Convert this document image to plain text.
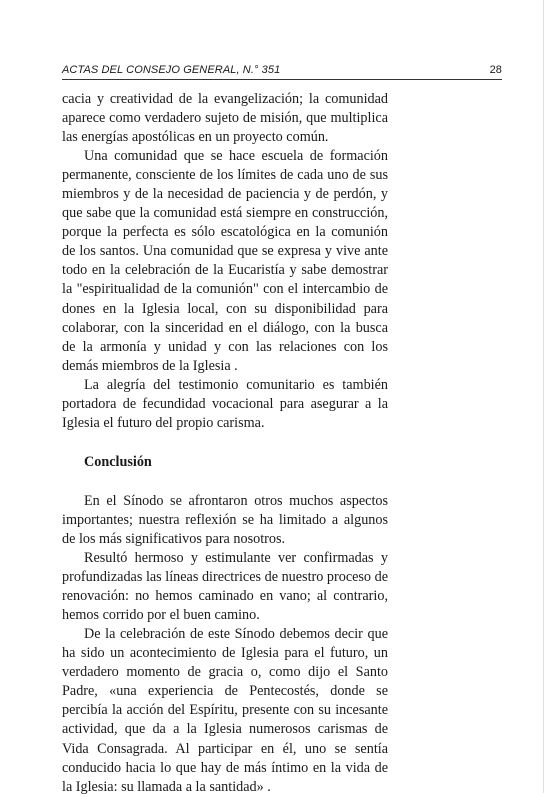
ACTAS DEL CONSEJO GENERAL, N.° 351	28

cacia y creatividad de la evangelización; la comunidad aparece como verdadero sujeto de misión, que multiplica las energías apostólicas en un proyecto común.

Una comunidad que se hace escuela de formación permanente, consciente de los límites de cada uno de sus miembros y de la necesidad de paciencia y de perdón, y que sabe que la comunidad está siempre en construcción, porque la perfecta es sólo escatológica en la comunión de los santos. Una comunidad que se expresa y vive ante todo en la celebración de la Eucaristía y sabe demostrar la "espiritualidad de la comunión" con el intercambio de dones en la Iglesia local, con su disponibilidad para colaborar, con la sinceridad en el diálogo, con la busca de la armonía y unidad y con las relaciones con los demás miembros de la Iglesia .

La alegría del testimonio comunitario es también portadora de fecundidad vocacional para asegurar a la Iglesia el futuro del propio carisma.

Conclusión

En el Sínodo se afrontaron otros muchos aspectos importantes; nuestra reflexión se ha limitado a algunos de los más significativos para nosotros.

Resultó hermoso y estimulante ver confirmadas y profundizadas las líneas directrices de nuestro proceso de renovación: no hemos caminado en vano; al contrario, hemos corrido por el buen camino.

De la celebración de este Sínodo debemos decir que ha sido un acontecimiento de Iglesia para el futuro, un verdadero momento de gracia o, como dijo el Santo Padre, «una experiencia de Pentecostés, donde se percibía la acción del Espíritu, presente con su incesante actividad, que da a la Iglesia numerosos carismas de Vida Consagrada. Al participar en él, uno se sentía conducido hacia lo que hay de más íntimo en la vida de la Iglesia: su llamada a la santidad» .
